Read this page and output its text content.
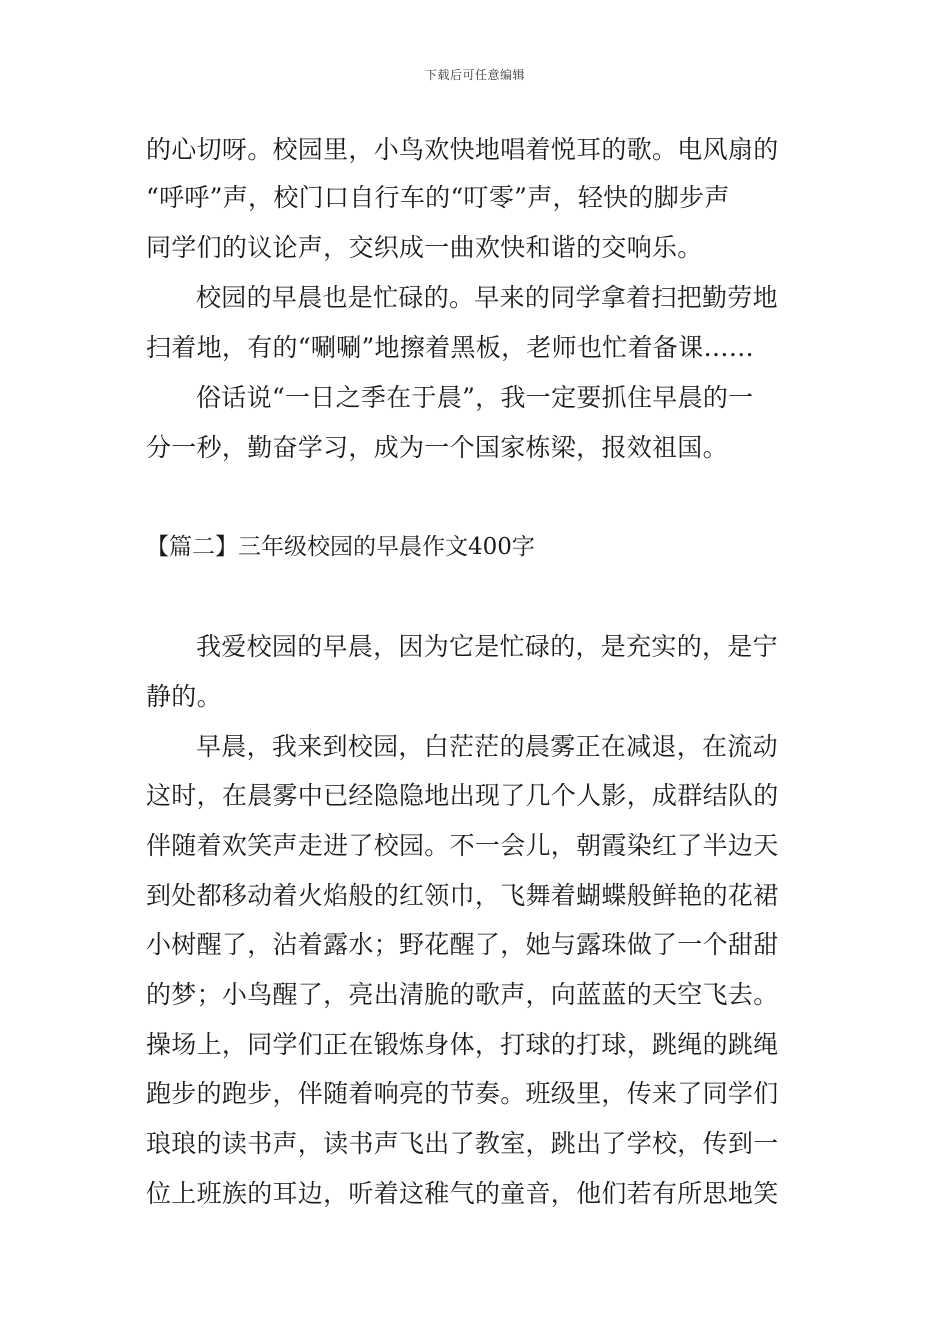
下载后可任意编辑
的心切呀。校园里，小鸟欢快地唱着悦耳的歌。电风扇的
“呼呼”声，校门口自行车的“叮零”声，轻快的脚步声
同学们的议论声，交织成一曲欢快和谐的交响乐。
校园的早晨也是忙碌的。早来的同学拿着扫把勤劳地
扫着地，有的“唰唰”地擦着黑板，老师也忙着备课……
俗话说“一日之季在于晨”，我一定要抓住早晨的一
分一秒，勤奋学习，成为一个国家栋梁，报效祖国。
【篇二】三年级校园的早晨作文400字
我爱校园的早晨，因为它是忙碌的，是充实的，是宁
静的。
早晨，我来到校园，白茫茫的晨雾正在减退，在流动
这时，在晨雾中已经隐隐地出现了几个人影，成群结队的
伴随着欢笑声走进了校园。不一会儿，朝霞染红了半边天
到处都移动着火焰般的红领巾，飞舞着蝴蝶般鲜艳的花裙
小树醒了，沾着露水；野花醒了，她与露珠做了一个甜甜
的梦；小鸟醒了，亮出清脆的歌声，向蓝蓝的天空飞去。
操场上，同学们正在锻炼身体，打球的打球，跳绳的跳绳
跑步的跑步，伴随着响亮的节奏。班级里，传来了同学们
琅琅的读书声，读书声飞出了教室，跳出了学校，传到一
位上班族的耳边，听着这稚气的童音，他们若有所思地笑
